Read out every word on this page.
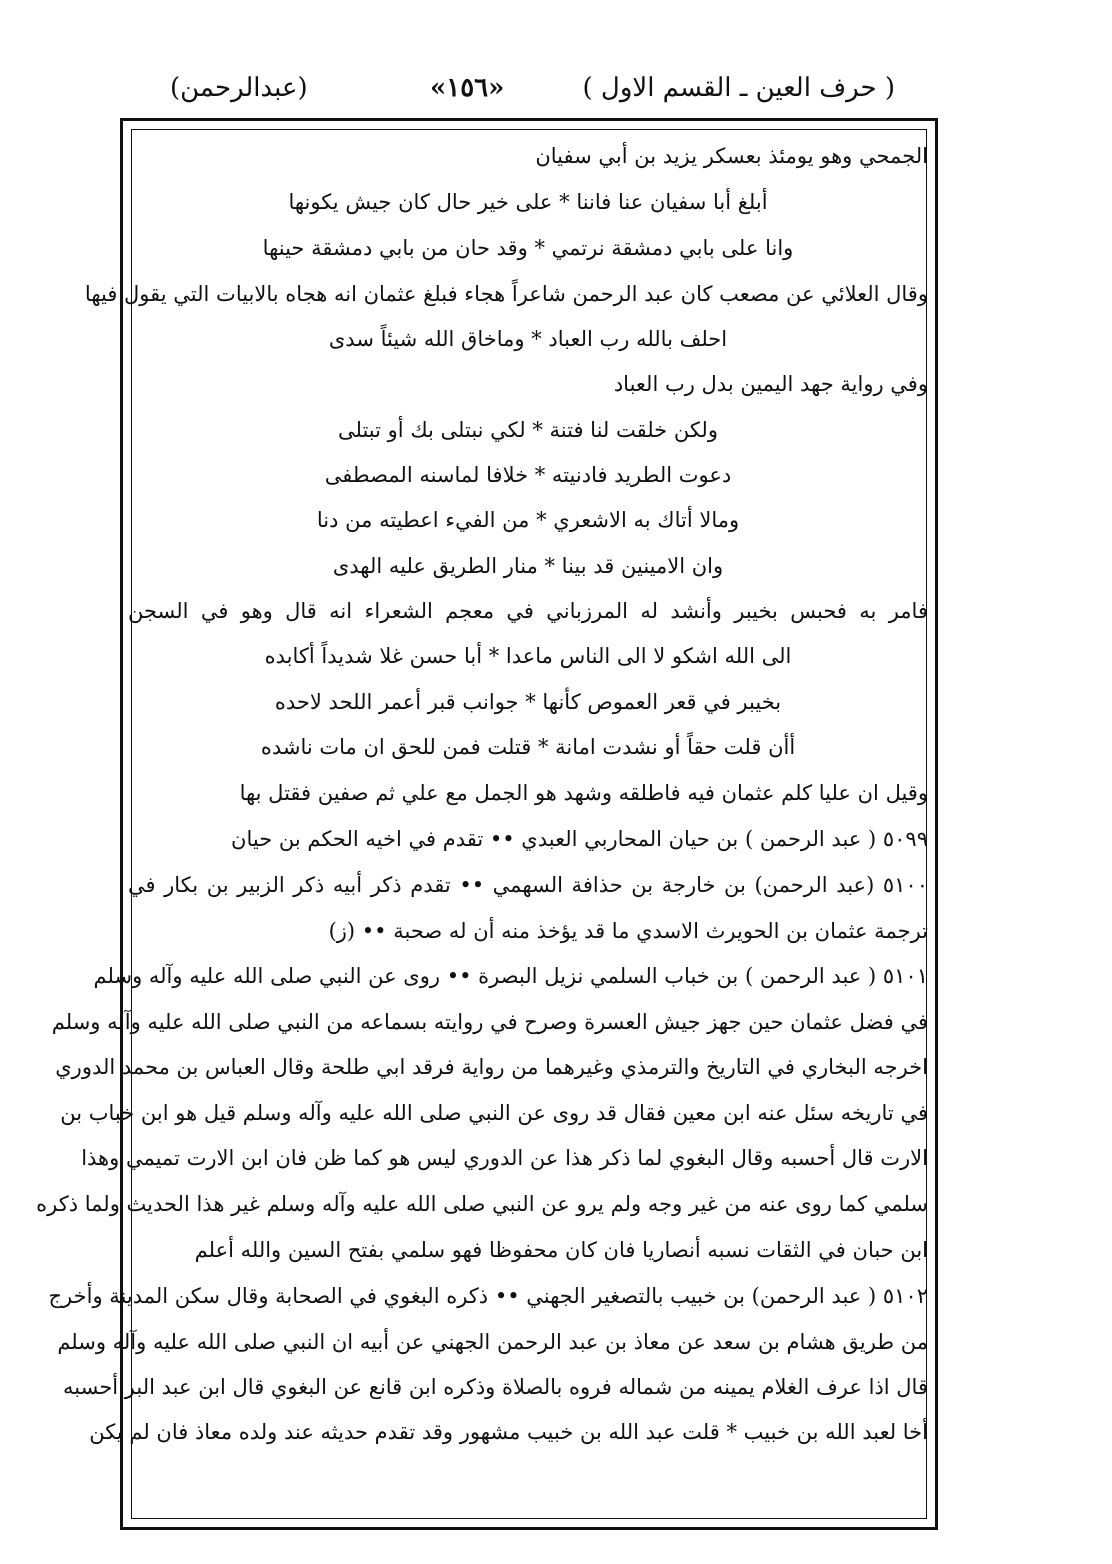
( حرف العين ـ القسم الاول )
«١٥٦»
(عبدالرحمن)
الجمحي وهو يومئذ بعسكر يزيد بن أبي سفيان
أبلغ أبا سفيان عنا فاننا * على خير حال كان جيش يكونها
وانا على بابي دمشقة نرتمي * وقد حان من بابي دمشقة حينها
وقال العلائي عن مصعب كان عبد الرحمن شاعراً هجاء فبلغ عثمان انه هجاه بالابيات التي يقول فيها
احلف بالله رب العباد * وماخاق الله شيئاً سدى
وفي رواية جهد اليمين بدل رب العباد
ولكن خلقت لنا فتنة * لكي نبتلى بك أو تبتلى
دعوت الطريد فادنيته * خلافا لماسنه المصطفى
ومالا أتاك به الاشعري * من الفيء اعطيته من دنا
وان الامينين قد بينا * منار الطريق عليه الهدى
فامر به فحبس بخيبر وأنشد له المرزباني في معجم الشعراء انه قال وهو في السجن
الى الله اشكو لا الى الناس ماعدا * أبا حسن غلا شديداً أكابده
بخيبر في قعر العموص كأنها * جوانب قبر أعمر اللحد لاحده
أأن قلت حقاً أو نشدت امانة * قتلت فمن للحق ان مات ناشده
وقيل ان عليا كلم عثمان فيه فاطلقه وشهد هو الجمل مع علي ثم صفين فقتل بها
٥٠٩٩ ( عبد الرحمن ) بن حيان المحاربي العبدي •• تقدم في اخيه الحكم بن حيان
٥١٠٠ (عبد الرحمن) بن خارجة بن حذافة السهمي •• تقدم ذكر أبيه ذكر الزبير بن بكار في
ترجمة عثمان بن الحويرث الاسدي ما قد يؤخذ منه أن له صحبة •• (ز)
٥١٠١ ( عبد الرحمن ) بن خباب السلمي نزيل البصرة •• روى عن النبي صلى الله عليه وآله وسلم
في فضل عثمان حين جهز جيش العسرة وصرح في روايته بسماعه من النبي صلى الله عليه وآله وسلم
اخرجه البخاري في التاريخ والترمذي وغيرهما من رواية فرقد ابي طلحة وقال العباس بن محمد الدوري
في تاريخه سئل عنه ابن معين فقال قد روى عن النبي صلى الله عليه وآله وسلم قيل هو ابن خباب بن
الارت قال أحسبه وقال البغوي لما ذكر هذا عن الدوري ليس هو كما ظن فان ابن الارت تميمي وهذا
سلمي كما روى عنه من غير وجه ولم يرو عن النبي صلى الله عليه وآله وسلم غير هذا الحديث ولما ذكره
ابن حبان في الثقات نسبه أنصاريا فان كان محفوظا فهو سلمي بفتح السين والله أعلم
٥١٠٢ ( عبد الرحمن) بن خبيب بالتصغير الجهني •• ذكره البغوي في الصحابة وقال سكن المدينة وأخرج
من طريق هشام بن سعد عن معاذ بن عبد الرحمن الجهني عن أبيه ان النبي صلى الله عليه وآله وسلم
قال اذا عرف الغلام يمينه من شماله فروه بالصلاة وذكره ابن قانع عن البغوي قال ابن عبد البر أحسبه
أخا لعبد الله بن خبيب * قلت عبد الله بن خبيب مشهور وقد تقدم حديثه عند ولده معاذ فان لم يكن
